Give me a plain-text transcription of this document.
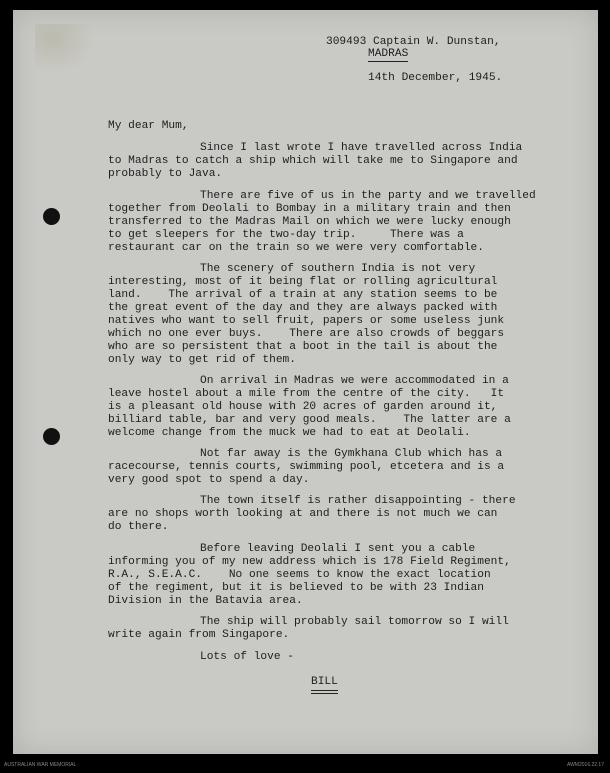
309493 Captain W. Dunstan,
MADRAS
14th December, 1945.
My dear Mum,
Since I last wrote I have travelled across India
to Madras to catch a ship which will take me to Singapore and
probably to Java.
There are five of us in the party and we travelled
together from Deolali to Bombay in a military train and then
transferred to the Madras Mail on which we were lucky enough
to get sleepers for the two-day trip.     There was a
restaurant car on the train so we were very comfortable.
The scenery of southern India is not very
interesting, most of it being flat or rolling agricultural
land.    The arrival of a train at any station seems to be
the great event of the day and they are always packed with
natives who want to sell fruit, papers or some useless junk
which no one ever buys.    There are also crowds of beggars
who are so persistent that a boot in the tail is about the
only way to get rid of them.
On arrival in Madras we were accommodated in a
leave hostel about a mile from the centre of the city.   It
is a pleasant old house with 20 acres of garden around it,
billiard table, bar and very good meals.    The latter are a
welcome change from the muck we had to eat at Deolali.
Not far away is the Gymkhana Club which has a
racecourse, tennis courts, swimming pool, etcetera and is a
very good spot to spend a day.
The town itself is rather disappointing - there
are no shops worth looking at and there is not much we can
do there.
Before leaving Deolali I sent you a cable
informing you of my new address which is 178 Field Regiment,
R.A., S.E.A.C.    No one seems to know the exact location
of the regiment, but it is believed to be with 23 Indian
Division in the Batavia area.
The ship will probably sail tomorrow so I will
write again from Singapore.
Lots of love -
BILL
AUSTRALIAN WAR MEMORIAL	AWM2016.22.17
